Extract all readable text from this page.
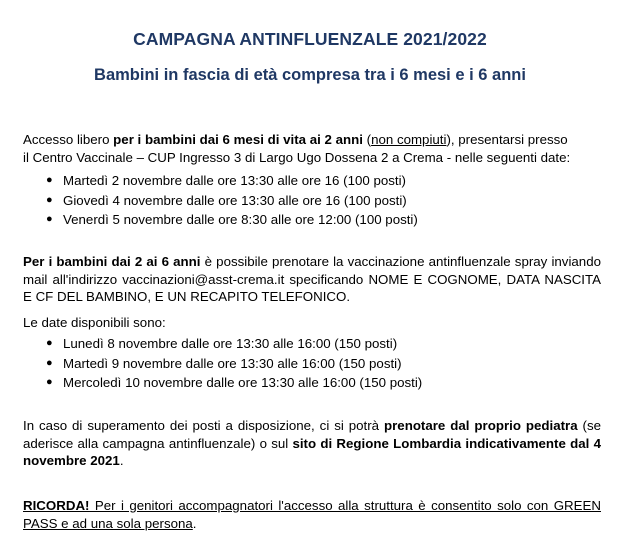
CAMPAGNA ANTINFLUENZALE 2021/2022
Bambini in fascia di età compresa tra i 6 mesi e i 6 anni

Accesso libero per i bambini dai 6 mesi di vita ai 2 anni (non compiuti), presentarsi presso
il Centro Vaccinale – CUP Ingresso 3 di Largo Ugo Dossena 2 a Crema - nelle seguenti date:

● Martedì 2 novembre dalle ore 13:30 alle ore 16 (100 posti)
● Giovedì 4 novembre dalle ore 13:30 alle ore 16 (100 posti)
● Venerdì 5 novembre dalle ore 8:30 alle ore 12:00 (100 posti)

Per i bambini dai 2 ai 6 anni è possibile prenotare la vaccinazione antinfluenzale spray inviando mail all'indirizzo vaccinazioni@asst-crema.it specificando NOME E COGNOME, DATA NASCITA E CF DEL BAMBINO, E UN RECAPITO TELEFONICO.

Le date disponibili sono:

● Lunedì 8 novembre dalle ore 13:30 alle 16:00 (150 posti)
● Martedì 9 novembre dalle ore 13:30 alle 16:00 (150 posti)
● Mercoledì 10 novembre dalle ore 13:30 alle 16:00 (150 posti)

In caso di superamento dei posti a disposizione, ci si potrà prenotare dal proprio pediatra (se aderisce alla campagna antinfluenzale) o sul sito di Regione Lombardia indicativamente dal 4 novembre 2021.

RICORDA! Per i genitori accompagnatori l'accesso alla struttura è consentito solo con GREEN PASS e ad una sola persona.
